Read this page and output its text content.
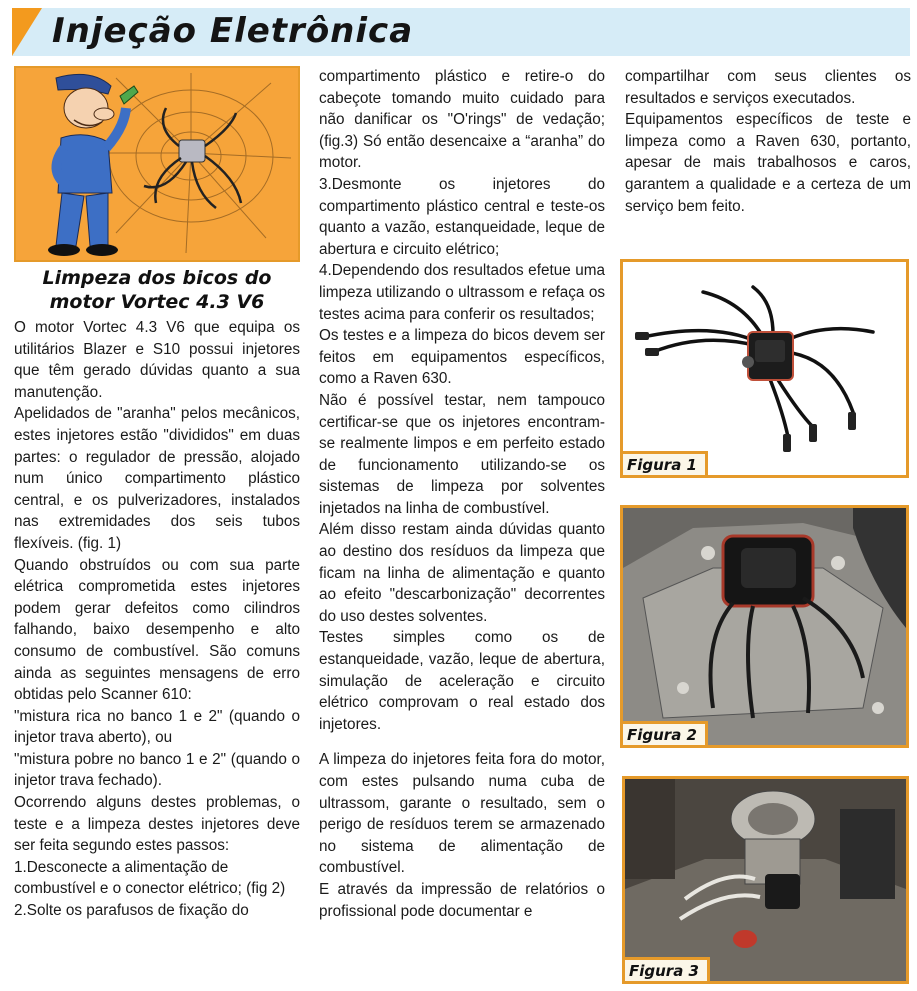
Injeção Eletrônica
Limpeza dos bicos do
motor Vortec 4.3 V6

O motor Vortec 4.3 V6 que equipa os utilitários Blazer e S10 possui injetores que têm gerado dúvidas quanto a sua manutenção.

Apelidados de "aranha" pelos mecânicos, estes injetores estão "divididos" em duas partes: o regulador de pressão, alojado num único compartimento plástico central, e os pulverizadores, instalados nas extremidades dos seis tubos flexíveis. (fig. 1)

Quando obstruídos ou com sua parte elétrica comprometida estes injetores podem gerar defeitos como cilindros falhando, baixo desempenho e alto consumo de combustível. São comuns ainda as seguintes mensagens de erro obtidas pelo Scanner 610:

"mistura rica no banco 1 e 2" (quando o injetor trava aberto), ou

"mistura pobre no banco 1 e 2" (quando o injetor trava fechado).

Ocorrendo alguns destes problemas, o teste e a limpeza destes injetores deve ser feita segundo estes passos:

1.Desconecte a alimentação de combustível e o conector elétrico; (fig 2)

2.Solte os parafusos de fixação do

compartimento plástico e retire-o do cabeçote tomando muito cuidado para não danificar os "O'rings" de vedação; (fig.3) Só então desencaixe a “aranha” do motor.

3.Desmonte os injetores do compartimento plástico central e teste-os quanto a vazão, estanqueidade, leque de abertura e circuito elétrico;

4.Dependendo dos resultados efetue uma limpeza utilizando o ultrassom e refaça os testes acima para conferir os resultados;

Os testes e a limpeza do bicos devem ser feitos em equipamentos específicos, como a Raven 630.

Não é possível testar, nem tampouco certificar-se que os injetores encontram-se realmente limpos e em perfeito estado de funcionamento utilizando-se os sistemas de limpeza por solventes injetados na linha de combustível.

Além disso restam ainda dúvidas quanto ao destino dos resíduos da limpeza que ficam na linha de alimentação e quanto ao efeito "descarbonização" decorrentes do uso destes solventes.

Testes simples como os de estanqueidade, vazão, leque de abertura, simulação de aceleração e circuito elétrico comprovam o real estado dos injetores.

A limpeza do injetores feita fora do motor, com estes pulsando numa cuba de ultrassom, garante o resultado, sem o perigo de resíduos terem se armazenado no sistema de alimentação de combustível.

E através da impressão de relatórios o profissional pode documentar e

compartilhar com seus clientes os resultados e serviços executados.

Equipamentos específicos de teste e limpeza como a Raven 630, portanto, apesar de mais trabalhosos e caros, garantem a qualidade e a certeza de um serviço bem feito.

Figura 1
Figura 2
Figura 3
